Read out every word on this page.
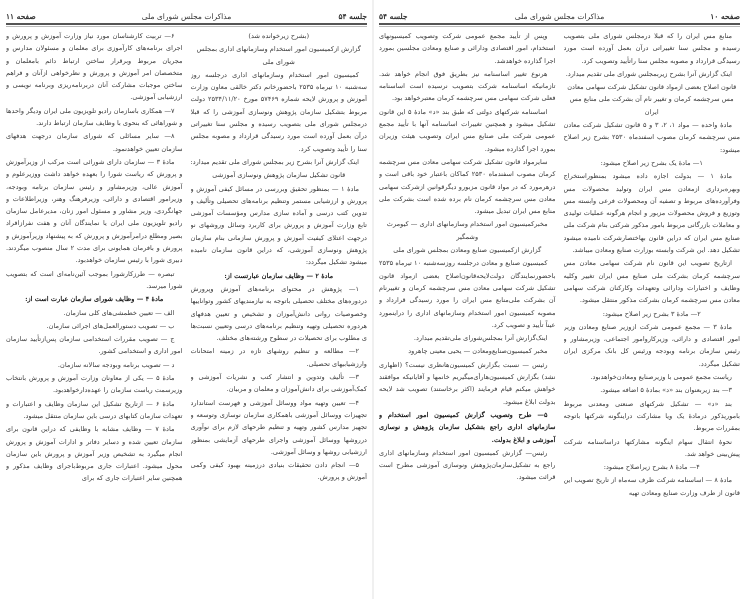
صفحه ۱۱	مذاکرات مجلس شورای ملی	جلسه ۵۴

(بشرح زیرخوانده شد)

گزارش ازکمیسیون امور استخدام وسازمانهای اداری بمجلس شورای ملی

کمیسیون امور استخدام وسازمانهای اداری درجلسه روز سه‌شنبه ۱۰ تیرماه ۲۵۳۵ باحضورخانم دکتر خالقی معاون وزارت آموزش و پرورش لایحه شماره ۵۷۴۶۹ مورخ ۲۵۳۴/۱۱/۲۰ دولت مربوط بتشکیل سازمان پژوهش ونوسازی آموزشی را که قبلا درمجلس شورای ملی بتصویب رسیده و مجلس سنا تغییراتی درآن بعمل آورده است مورد رسیدگی قرارداد و مصوبه مجلس سنا را تأیید وتصویب کرد.

اینک گزارش آنرا بشرح زیر بمجلس شورای ملی تقدیم میدارد:

قانون تشکیل سازمان پژوهش ونوسازی آموزشی

مادۀ ۱ — بمنظور تحقیق وبررسی در مسائل کیفی آموزش و پرورش و ارزشیابی مستمر وتنظیم برنامه‌های تحصیلی وتألیف و تدوین کتب درسی و آماده سازی مدارس ومؤسسات آموزشی تابع وزارت آموزش و پرورش برای کاربرد وسائل وروشهای نو درجهت اعتلای کیفیت آموزش و پرورش سازمانی بنام سازمان پژوهش ونوسازی آموزشی، که دراین قانون سازمان نامیده میشود تشکیل میگردد:

مادۀ ۲ — وظایف سازمان عبارتست از:

۱— پژوهش در محتوای برنامه‌های آموزش وپرورش دردوره‌های مختلف تحصیلی باتوجه به نیازمندیهای کشور وتواناییها وخصوصیات روانی دانش‌آموزان و تشخیص و تعیین هدفهای هردوره تحصیلی وتهیه وتنظیم برنامه‌های درسی وتعیین نسبت‌ها ی مطلوب برای تحصیلات در سطوح ورشته‌های مختلف.

۲— مطالعه و تنظیم روشهای تازه در زمینه امتحانات وارزشیابیهای تحصیلی.

۳— تألیف وتدوین و انتشار کتب و نشریات آموزشی و کمک‌آموزشی برای دانش‌آموزان و معلمان و مربیان.

۴— تعیین وتهیه مواد ووسائل آموزشی و فهرست استاندارد تجهیزات ووسائل آموزشی باهمکاری سازمان نوسازی وتوسعه و تجهیز مدارس کشور وتهیه و تنظیم طرحهای لازم برای نوآوری درروشها ووسائل آموزشی واجرای طرحهای آزمایشی بمنظور ارزشیابی روشها و وسائل آموزشی.

۵— انجام دادن تحقیقات بنیادی درزمینه بهبود کیفی وکمی آموزش و پرورش.

۶— تربیت کارشناسان مورد نیاز وزارت آموزش و پرورش و اجرای برنامه‌های کارآموزی برای معلمان و مسئولان مدارس و مجریان مربوط وبرقرار ساختن ارتباط دائم بامعلمان و متخصصان امر آموزش و پرورش و نظرخواهی ازآنان و فراهم ساختن موجبات مشارکت آنان دربرنامه‌ریزی وبرنامه نویسی و ارزشیابی آموزشی.

۷— همکاری باسازمان رادیو تلویزیون ملی ایران ودیگر واحدها و شوراهائی که بنحوی با وظایف سازمان ارتباط دارند.

۸— سایر مسائلی که شورای سازمان درجهت هدفهای سازمان تعیین خواهدنمود.

مادۀ ۳ — سازمان دارای شورائی است مرکب از وزیرآموزش و پرورش که ریاست شورا را بعهده خواهد داشت ووزیرعلوم و آموزش عالی، وزیرمشاور و رئیس سازمان برنامه وبودجه، وزیرامور اقتصادی و دارائی، وزیرفرهنگ وهنر، وزیراطلاعات و جهانگردی، وزیر مشاور و مسئول امور زنان، مدیرعامل سازمان رادیو تلویزیون ملی ایران یا نمایندگان آنان و هفت نفرازافراد بصیر ومطلع درامرآموزش و پرورش که به پیشنهاد وزیرآموزش و پرورش و بافرمان همایونی برای مدت ۲ سال منصوب میگردند. دبیری شورا با رئیس سازمان خواهدبود.

تبصره — طرزکارشورا بموجب آئین‌نامه‌ای است که بتصویب شورا میرسد.

مادۀ ۴ — وظایف شورای سازمان عبارت است از:

الف — تعیین خطمشی‌های کلی سازمان.

ب — تصویب دستورالعمل‌های اجرائی سازمان.

ج — تصویب مقررات استخدامی سازمان پس‌ازتأیید سازمان امور اداری و استخدامی کشور.

د — تصویب برنامه وبودجه سالانه سازمان.

مادۀ ۵ — یکی از معاونان وزارت آموزش و پرورش بانتخاب وزیرسمت ریاست سازمان را عهده‌دارخواهدبود.

مادۀ ۶ — ازتاریخ تشکیل این سازمان وظایف و اعتبارات و تعهدات سازمان کتابهای درسی باین سازمان منتقل میشود.

مادۀ ۷ — وظایف مشابه با وظایفی که دراین قانون برای سازمان تعیین شده و دسایر دفاتر و ادارات آموزش و پرورش انجام میگیرد به تشخیص وزیر آموزش و پرورش باین سازمان محول میشود. اعتبارات جاری مربوط‌باجرای وظایف مذکور و همچنین سایر اعتبارات جاری که برای

جلسه ۵۴	مذاکرات مجلس شورای ملی	صفحه ۱۰

منابع مس ایران را که قبلا درمجلس شورای ملی بتصویب رسیده و مجلس سنا تغییراتی درآن بعمل آورده است مورد رسیدگی قرارداد و مصوبه مجلس سنا راتأیید وتصویب کرد.

اینک گزارش آنرا بشرح زیربمجلس شورای ملی تقدیم میدارد.

قانون اصلاح بعضی ازمواد قانون تشکیل شرکت سهامی معادن مس سرچشمه کرمان و تغییر نام آن بشرکت ملی منابع مس ایران

مادۀ واحده — مواد ۱، ۲، ۳ و ۵ قانون تشکیل شرکت معادن مس سرچشمه کرمان مصوب اسفندماه ۲۵۳۰ بشرح زیر اصلاح میشود:

۱— مادۀ یک بشرح زیر اصلاح میشود:

مادۀ ۱ — بدولت اجازه داده میشود بمنظوراستخراج وبهره‌برداری ازمعادن مس ایران وتولید محصولات مس وفرآورده‌های مربوط و تصفیه آن ومحصولات فرعی وابسته مس وتوزیع و فروش محصولات مزبور و انجام هرگونه عملیات تولیدی و معاملات بازرگانی مربوط بامور مذکور شرکتی بنام شرکت ملی صنایع مس ایران که دراین قانون بهاختصارشرکت نامیده میشود تشکیل دهد. این شرکت وابسته بوزارت صنایع ومعادن میباشد.

ازتاریخ تصویب این قانون نام شرکت سهامی معادن مس سرچشمه کرمان بشرکت ملی صنایع مس ایران تغییر وکلیه وظایف و اختیارات ودارائی وتعهدات وکارکنان شرکت سهامی معادن مس سرچشمه کرمان بشرکت مذکور منتقل میشود.

۲— مادۀ ۳ بشرح زیر اصلاح میشود:

مادۀ ۳ — مجمع عمومی شرکت ازوزیر صنایع ومعادن وزیر امور اقتصادی و دارائی، وزیرکارو‌امور اجتماعی، وزیرمشاور و رئیس سازمان برنامه وبودجه ورئیس کل بانک مرکزی ایران تشکیل میگردد.

ریاست مجمع عمومی با وزیرصنایع ومعادن‌خواهدبود.

۳— بند زیربعنوان بند «د» بمادۀ ۵ اضافه میشود.

بند «د» — تشکیل شرکتهای صنعتی ومعدنی مربوط باموریذکور درمادۀ یک ویا مشارکت دراینگونه شرکتها باتوجه بمقررات مربوط.

نحوۀ انتقال سهام اینگونه مشارکتها دراساسنامه شرکت پیش‌بینی خواهد شد.

۴— مادۀ ۸ بشرح زیراصلاح میشود:

مادۀ ۸ — اساسنامه شرکت ظرف سه‌ماه از تاریخ تصویب این قانون از طرف وزارت صنایع ومعادن تهیه

وپس از تأیید مجمع عمومی شرکت وتصویب کمیسیونهای استخدام، امور اقتصادی ودارائی و صنایع ومعادن مجلسین بمورد اجرا گذارده خواهدشد.

هرنوع تغییر اساسنامه نیز بطریق فوق انجام خواهد شد. تازمانیکه اساسنامه شرکت بتصویب نرسیده است اساسنامه فعلی شرکت سهامی مس سرچشمه کرمان معتبرخواهد بود.

اساسنامه شرکتهای دولتی که طبق بند «د» مادۀ ۵ این قانون تشکیل میشود و همچنین تغییرات اساسنامه آنها با تأیید مجمع عمومی شرکت ملی صنایع مس ایران وتصویب هیئت وزیران بمورد اجرا گذارده میشود.

سایرمواد قانون تشکیل شرکت سهامی معادن مس سرچشمه کرمان مصوب اسفندماه ۲۵۳۰ کماکان باعتبار خود باقی است و درهرمورد که در مواد قانون مزبورو دیگرقوانین ازشرکت سهامی معادن مس سرچشمه کرمان نام برده شده است بشرکت ملی منابع مس ایران تبدیل میشود.

مخبرکمیسیون امور استخدام وسازمانهای اداری — کیومرث وشمگیر

گزارش ازکمیسیون صنایع ومعادن بمجلس شورای ملی

کمیسیون صنایع و معادن درجلسه روزسه‌شنبه ۱۰ تیرماه ۲۵۳۵ باحضورنمایندگان دولت‌لایحه‌قانون‌اصلاح بعضی ازمواد قانون تشکیل شرکت سهامی معادن مس سرچشمه کرمان و تغییرنام آن بشرکت ملی‌منابع مس ایران را مورد رسیدگی قرارداد و مصوبه کمیسیون امور استخدام وسازمانهای اداری را دراینمورد عیناً تأیید و تصویب کرد.

اینک‌گزارش آنرا بمجلس‌شورای ملی‌تقدیم میدارد.

مخبر کمیسیون‌صنایع‌ومعادن — یحیی معینی چاهرود

رئیس — نسبت بگزارش کمیسیون‌هانظری نیست؟ (اظهاری نشد) بگزارش کمیسیون‌هارأی‌میگیریم خانمها و آقایانیکه موافقند خواهش میکنم قیام فرمایند (اکثر برخاستند) تصویب شد لایحه بدولت ابلاغ میشود.

۵— طرح وتصویب گزارش کمیسیون امور استخدام و سازمانهای اداری راجع بتشکیل سازمان پژوهش و نوسازی آموزشی و ابلاغ بدولت.

رئیس— گزارش کمیسیون امور استخدام وسازمانهای اداری راجع به تشکیل‌سازمان‌پژوهش ونوسازی آموزشی مطرح است قرائت میشود.
